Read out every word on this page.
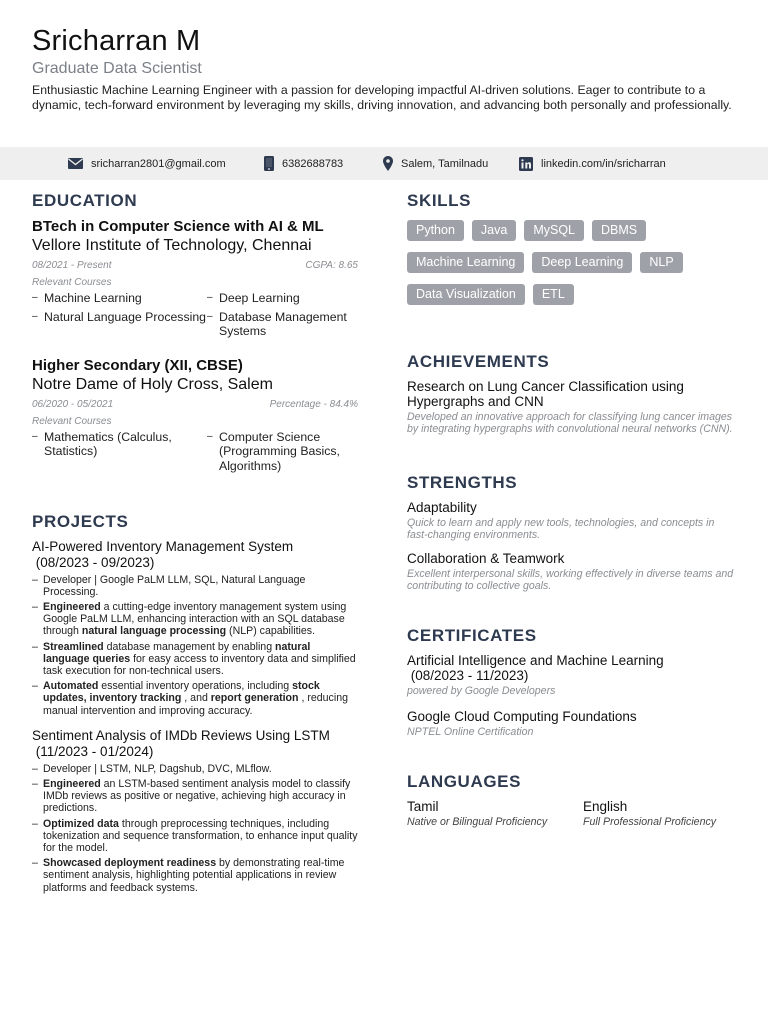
Sricharran M
Graduate Data Scientist
Enthusiastic Machine Learning Engineer with a passion for developing impactful AI-driven solutions. Eager to contribute to a dynamic, tech-forward environment by leveraging my skills, driving innovation, and advancing both personally and professionally.
sricharran2801@gmail.com	6382688783	Salem, Tamilnadu	linkedin.com/in/sricharran
EDUCATION
BTech in Computer Science with AI & ML
Vellore Institute of Technology, Chennai
08/2021 - Present	CGPA: 8.65
Relevant Courses
– Machine Learning	– Deep Learning
– Natural Language Processing	– Database Management Systems
Higher Secondary (XII, CBSE)
Notre Dame of Holy Cross, Salem
06/2020 - 05/2021	Percentage - 84.4%
Relevant Courses
– Mathematics (Calculus, Statistics)
– Computer Science (Programming Basics, Algorithms)
PROJECTS
AI-Powered Inventory Management System
(08/2023 - 09/2023)
– Developer | Google PaLM LLM, SQL, Natural Language Processing.
– Engineered a cutting-edge inventory management system using Google PaLM LLM, enhancing interaction with an SQL database through natural language processing (NLP) capabilities.
– Streamlined database management by enabling natural language queries for easy access to inventory data and simplified task execution for non-technical users.
– Automated essential inventory operations, including stock updates, inventory tracking , and report generation , reducing manual intervention and improving accuracy.
Sentiment Analysis of IMDb Reviews Using LSTM
(11/2023 - 01/2024)
– Developer | LSTM, NLP, Dagshub, DVC, MLflow.
– Engineered an LSTM-based sentiment analysis model to classify IMDb reviews as positive or negative, achieving high accuracy in predictions.
– Optimized data through preprocessing techniques, including tokenization and sequence transformation, to enhance input quality for the model.
– Showcased deployment readiness by demonstrating real-time sentiment analysis, highlighting potential applications in review platforms and feedback systems.
SKILLS
Python	Java	MySQL	DBMS
Machine Learning	Deep Learning	NLP
Data Visualization	ETL
ACHIEVEMENTS
Research on Lung Cancer Classification using Hypergraphs and CNN
Developed an innovative approach for classifying lung cancer images by integrating hypergraphs with convolutional neural networks (CNN).
STRENGTHS
Adaptability
Quick to learn and apply new tools, technologies, and concepts in fast-changing environments.
Collaboration & Teamwork
Excellent interpersonal skills, working effectively in diverse teams and contributing to collective goals.
CERTIFICATES
Artificial Intelligence and Machine Learning
(08/2023 - 11/2023)
powered by Google Developers
Google Cloud Computing Foundations
NPTEL Online Certification
LANGUAGES
Tamil
Native or Bilingual Proficiency
English
Full Professional Proficiency
